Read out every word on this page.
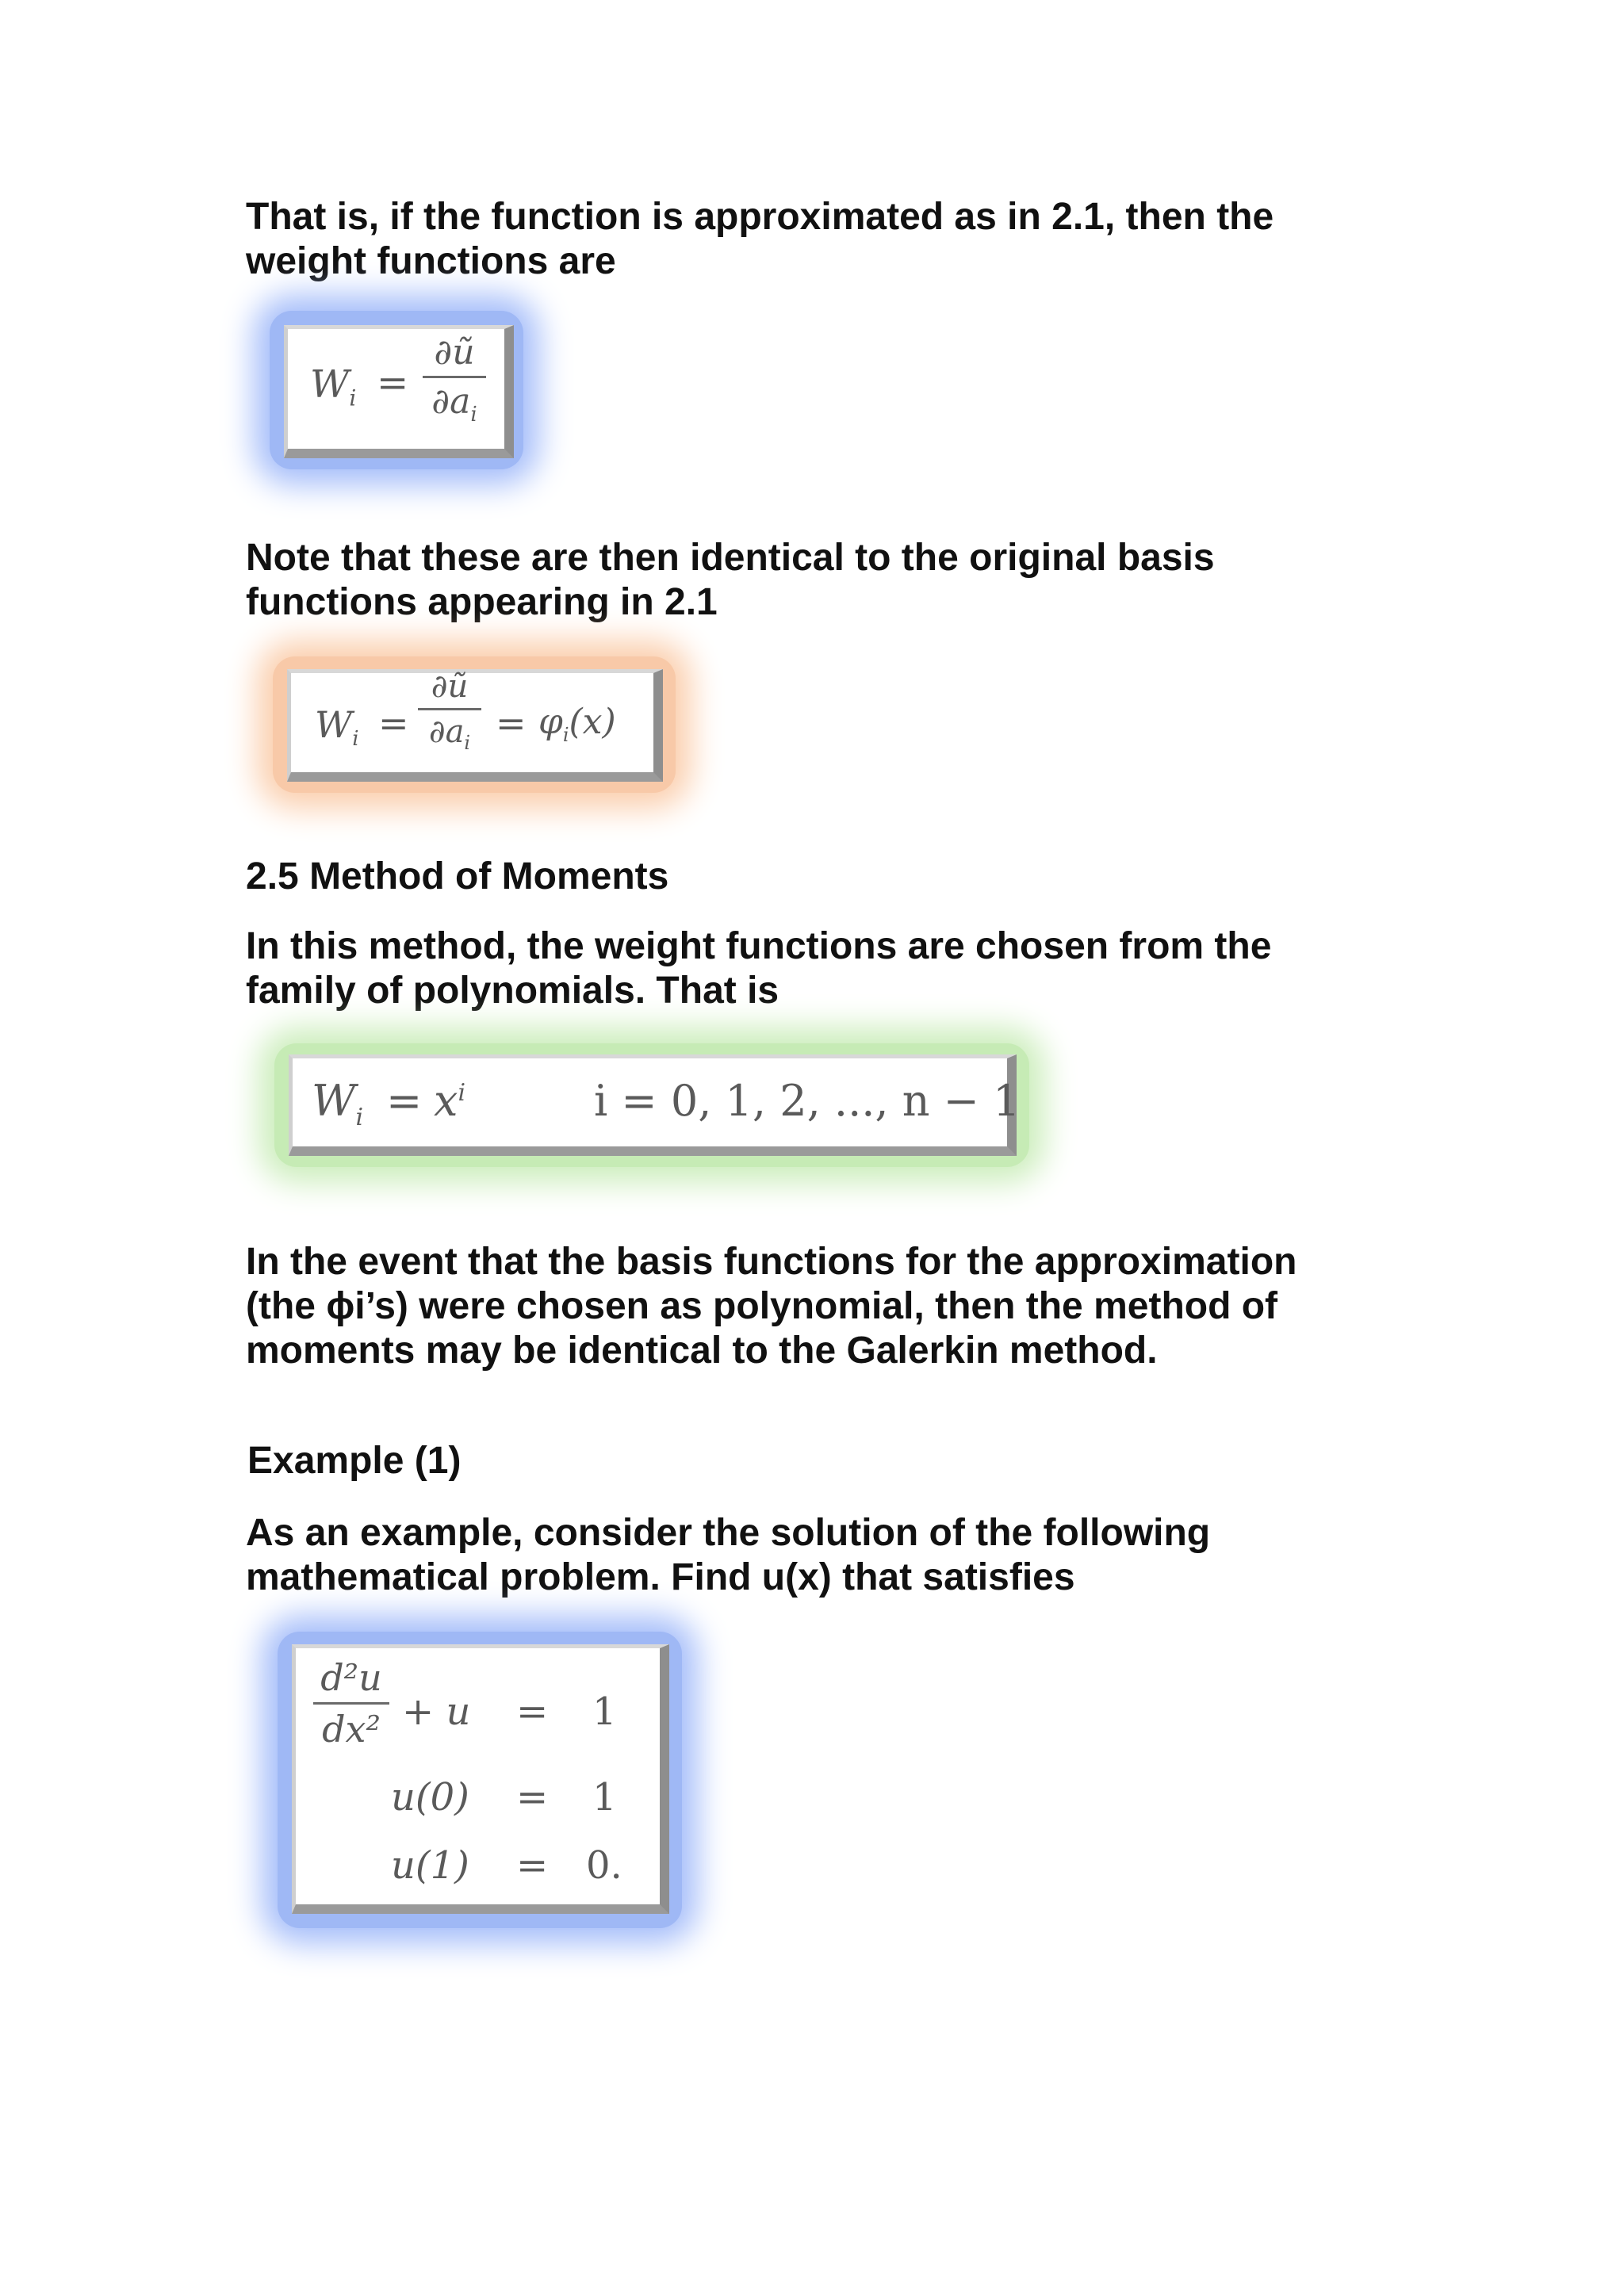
That is, if the function is approximated as in 2.1, then the
weight functions are

$W_i$ =
∂ũ
$\partial a_i$

Note that these are then identical to the original basis
functions appearing in 2.1

$W_i$ =
∂ũ
$\partial a_i = \varphi_i(x)$

2.5 Method of Moments

In this method, the weight functions are chosen from the
family of polynomials. That is

$W_i = x^i$	i = 0, 1, 2, ..., n − 1

In the event that the basis functions for the approximation
(the ϕi’s) were chosen as polynomial, then the method of
moments may be identical to the Galerkin method.

Example (1)

As an example, consider the solution of the following
mathematical problem. Find u(x) that satisfies

d²u
dx² + u = 1
u(0) = 1
u(1) = 0.
